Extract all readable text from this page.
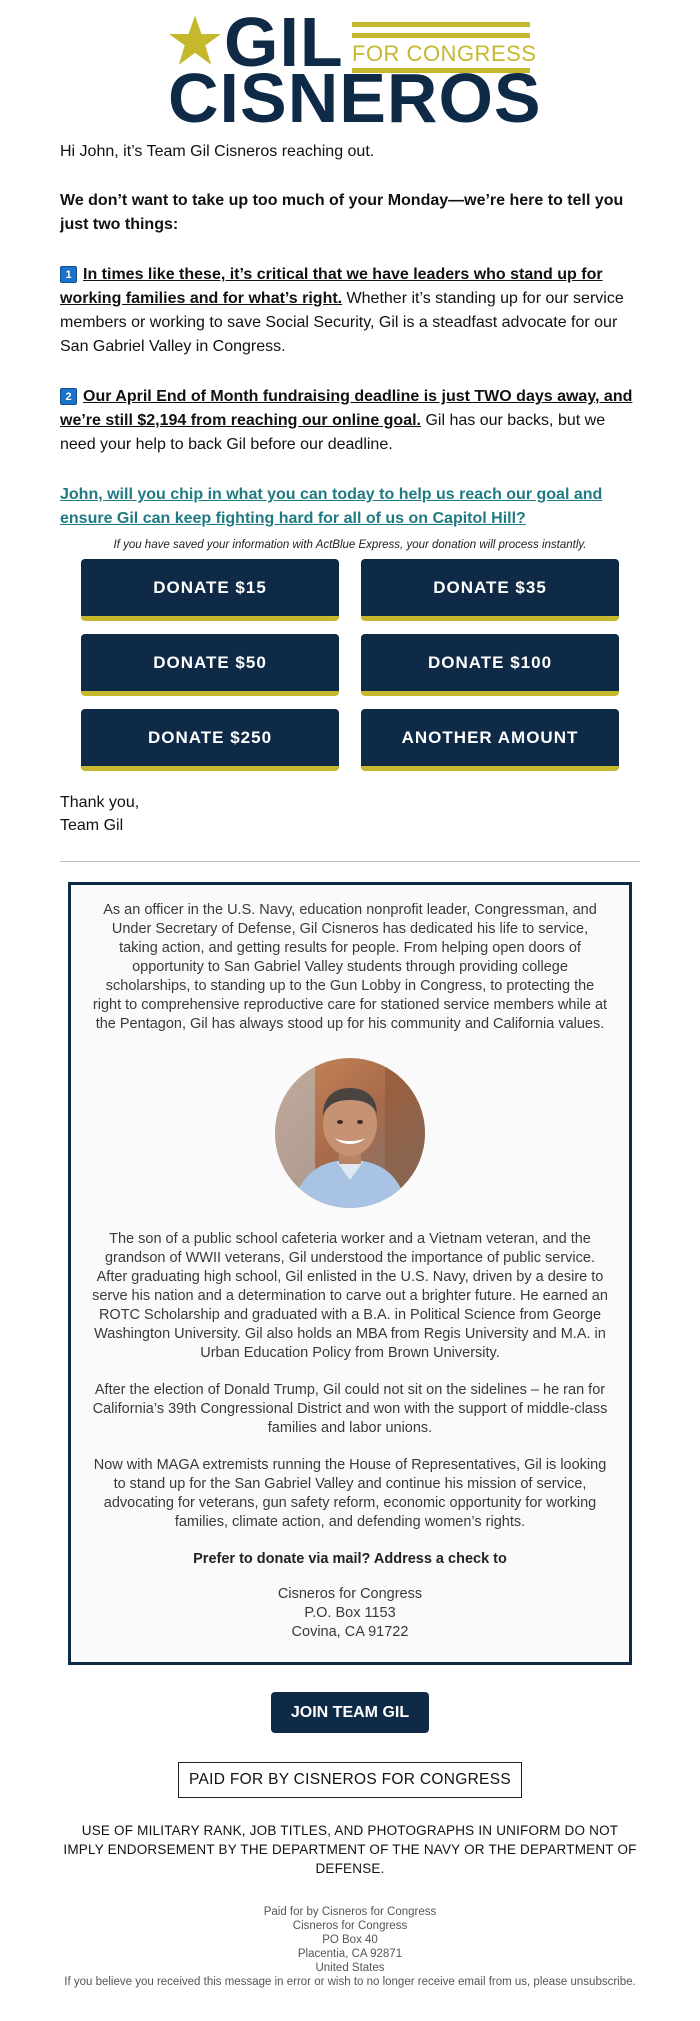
GIL FOR CONGRESS
CISNEROS

Hi John, it’s Team Gil Cisneros reaching out.

We don’t want to take up too much of your Monday—we’re here to tell you just two things:

1 In times like these, it’s critical that we have leaders who stand up for working families and for what’s right. Whether it’s standing up for our service members or working to save Social Security, Gil is a steadfast advocate for our San Gabriel Valley in Congress.

2 Our April End of Month fundraising deadline is just TWO days away, and we’re still $2,194 from reaching our online goal. Gil has our backs, but we need your help to back Gil before our deadline.

John, will you chip in what you can today to help us reach our goal and ensure Gil can keep fighting hard for all of us on Capitol Hill?

If you have saved your information with ActBlue Express, your donation will process instantly.

DONATE $15	DONATE $35
DONATE $50	DONATE $100
DONATE $250	ANOTHER AMOUNT
Thank you,
Team Gil

As an officer in the U.S. Navy, education nonprofit leader, Congressman, and Under Secretary of Defense, Gil Cisneros has dedicated his life to service, taking action, and getting results for people. From helping open doors of opportunity to San Gabriel Valley students through providing college scholarships, to standing up to the Gun Lobby in Congress, to protecting the right to comprehensive reproductive care for stationed service members while at the Pentagon, Gil has always stood up for his community and California values.

The son of a public school cafeteria worker and a Vietnam veteran, and the grandson of WWII veterans, Gil understood the importance of public service. After graduating high school, Gil enlisted in the U.S. Navy, driven by a desire to serve his nation and a determination to carve out a brighter future. He earned an ROTC Scholarship and graduated with a B.A. in Political Science from George Washington University. Gil also holds an MBA from Regis University and M.A. in Urban Education Policy from Brown University.

After the election of Donald Trump, Gil could not sit on the sidelines – he ran for California’s 39th Congressional District and won with the support of middle-class families and labor unions.

Now with MAGA extremists running the House of Representatives, Gil is looking to stand up for the San Gabriel Valley and continue his mission of service, advocating for veterans, gun safety reform, economic opportunity for working families, climate action, and defending women’s rights.

Prefer to donate via mail? Address a check to

Cisneros for Congress
P.O. Box 1153
Covina, CA 91722
JOIN TEAM GIL
PAID FOR BY CISNEROS FOR CONGRESS

USE OF MILITARY RANK, JOB TITLES, AND PHOTOGRAPHS IN UNIFORM DO NOT IMPLY ENDORSEMENT BY THE DEPARTMENT OF THE NAVY OR THE DEPARTMENT OF DEFENSE.

Paid for by Cisneros for Congress
Cisneros for Congress
PO Box 40
Placentia, CA 92871
United States
If you believe you received this message in error or wish to no longer receive email from us, please unsubscribe.
